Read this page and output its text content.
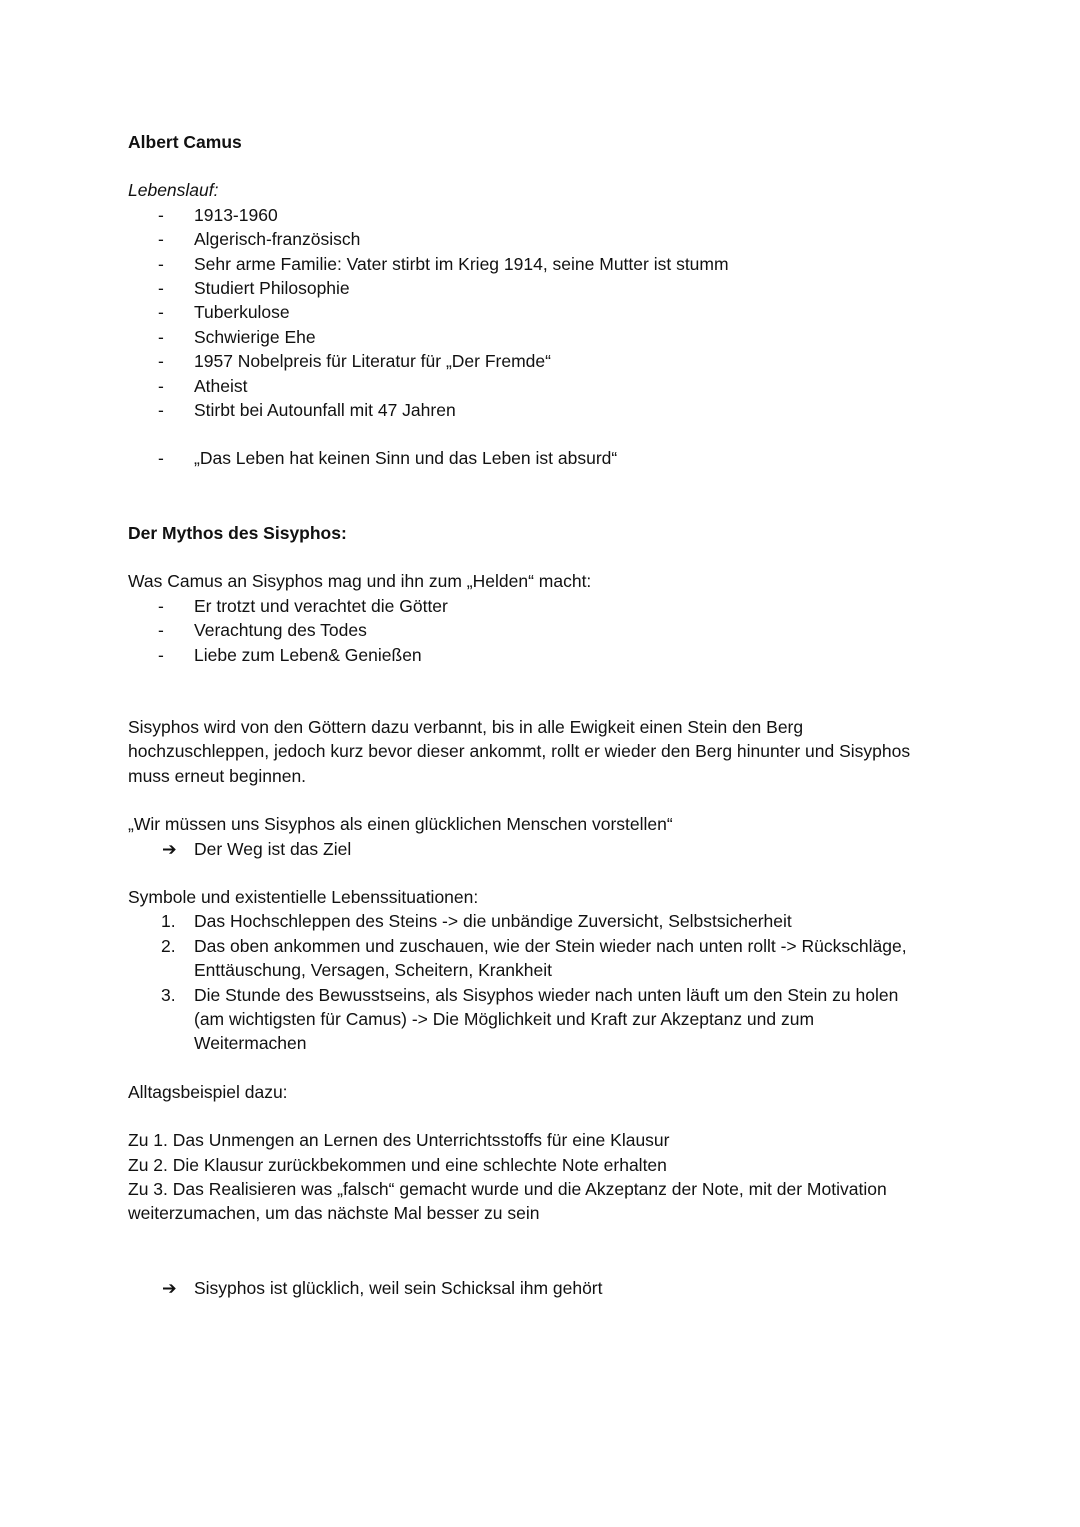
Albert Camus

Lebenslauf:

- 1913-1960
- Algerisch-französisch
- Sehr arme Familie: Vater stirbt im Krieg 1914, seine Mutter ist stumm
- Studiert Philosophie
- Tuberkulose
- Schwierige Ehe
- 1957 Nobelpreis für Literatur für „Der Fremde“
- Atheist
- Stirbt bei Autounfall mit 47 Jahren
- „Das Leben hat keinen Sinn und das Leben ist absurd“

Der Mythos des Sisyphos:

Was Camus an Sisyphos mag und ihn zum „Helden“ macht:

- Er trotzt und verachtet die Götter
- Verachtung des Todes
- Liebe zum Leben& Genießen

Sisyphos wird von den Göttern dazu verbannt, bis in alle Ewigkeit einen Stein den Berg

hochzuschleppen, jedoch kurz bevor dieser ankommt, rollt er wieder den Berg hinunter und Sisyphos

muss erneut beginnen.

„Wir müssen uns Sisyphos als einen glücklichen Menschen vorstellen“

➔ Der Weg ist das Ziel

Symbole und existentielle Lebenssituationen:

1. Das Hochschleppen des Steins -> die unbändige Zuversicht, Selbstsicherheit
2. Das oben ankommen und zuschauen, wie der Stein wieder nach unten rollt -> Rückschläge,
Enttäuschung, Versagen, Scheitern, Krankheit
3. Die Stunde des Bewusstseins, als Sisyphos wieder nach unten läuft um den Stein zu holen
(am wichtigsten für Camus) -> Die Möglichkeit und Kraft zur Akzeptanz und zum
Weitermachen

Alltagsbeispiel dazu:

Zu 1. Das Unmengen an Lernen des Unterrichtsstoffs für eine Klausur

Zu 2. Die Klausur zurückbekommen und eine schlechte Note erhalten

Zu 3. Das Realisieren was „falsch“ gemacht wurde und die Akzeptanz der Note, mit der Motivation

weiterzumachen, um das nächste Mal besser zu sein

➔ Sisyphos ist glücklich, weil sein Schicksal ihm gehört
